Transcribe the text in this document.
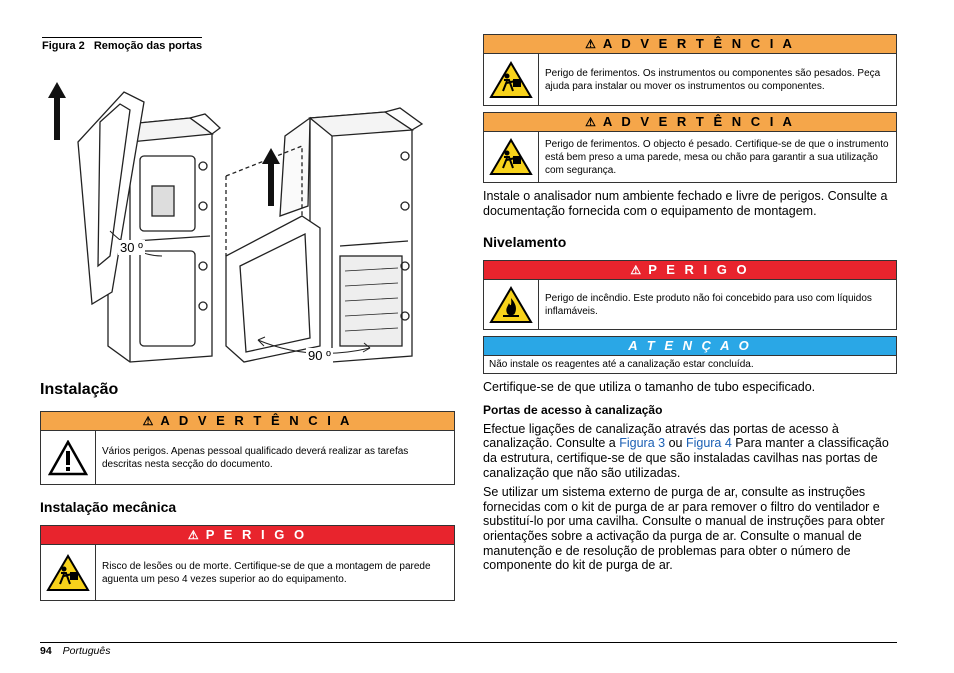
Figura 2 Remoção das portas
30 º
90 º
Instalação
⚠ A D V E R T Ê N C I A
Vários perigos. Apenas pessoal qualificado deverá realizar as tarefas descritas nesta secção do documento.
Instalação mecânica
⚠ P E R I G O
Risco de lesões ou de morte. Certifique-se de que a montagem de parede aguenta um peso 4 vezes superior ao do equipamento.
⚠ A D V E R T Ê N C I A
Perigo de ferimentos. Os instrumentos ou componentes são pesados. Peça ajuda para instalar ou mover os instrumentos ou componentes.
⚠ A D V E R T Ê N C I A
Perigo de ferimentos. O objecto é pesado. Certifique-se de que o instrumento está bem preso a uma parede, mesa ou chão para garantir a sua utilização com segurança.

Instale o analisador num ambiente fechado e livre de perigos. Consulte a documentação fornecida com o equipamento de montagem.

Nivelamento
⚠ P E R I G O
Perigo de incêndio. Este produto não foi concebido para uso com líquidos inflamáveis.
A T E N Ç A O
Não instale os reagentes até a canalização estar concluída.

Certifique-se de que utiliza o tamanho de tubo especificado.

Portas de acesso à canalização

Efectue ligações de canalização através das portas de acesso à canalização. Consulte a Figura 3 ou Figura 4 Para manter a classificação da estrutura, certifique-se de que são instaladas cavilhas nas portas de canalização que não são utilizadas.

Se utilizar um sistema externo de purga de ar, consulte as instruções fornecidas com o kit de purga de ar para remover o filtro do ventilador e substituí-lo por uma cavilha. Consulte o manual de instruções para obter orientações sobre a activação da purga de ar. Consulte o manual de manutenção e de resolução de problemas para obter o número de componente do kit de purga de ar.

94 Português
